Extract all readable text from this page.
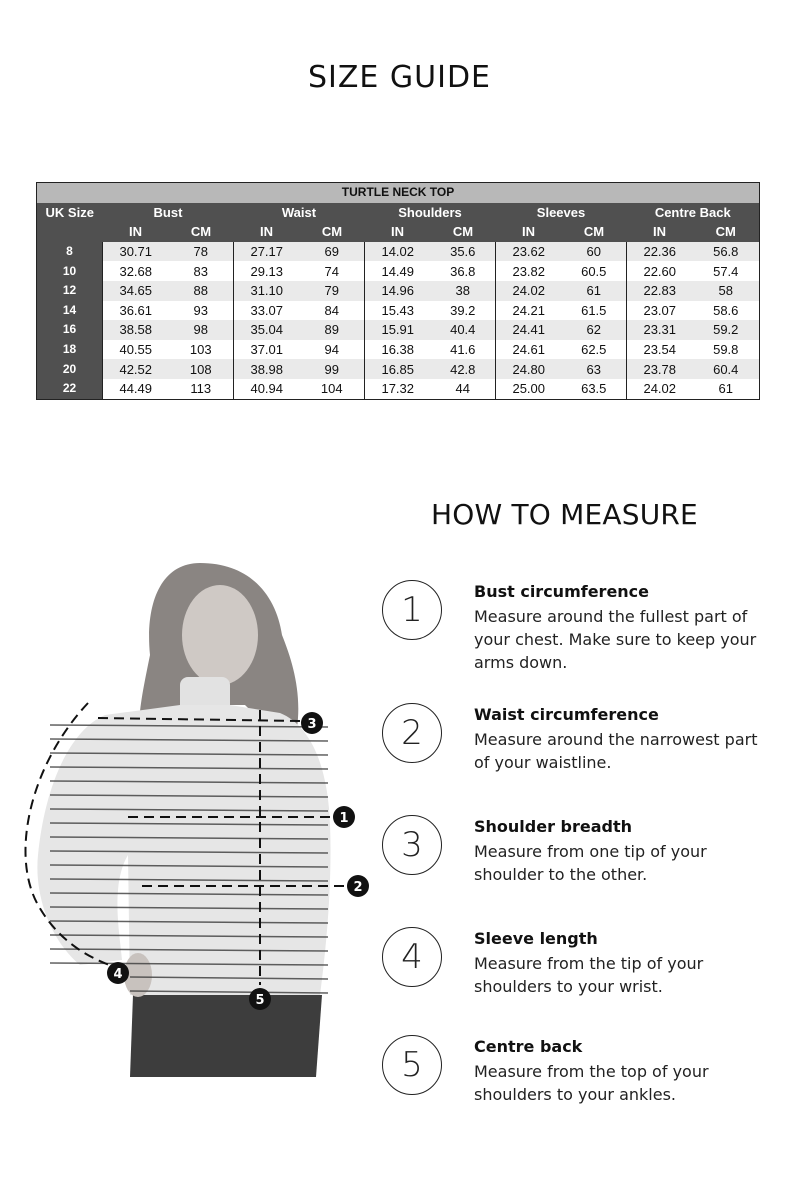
SIZE GUIDE
TURTLE NECK TOP										
UK Size	Bust		Waist		Shoulders		Sleeves		Centre Back	
	IN	CM	IN	CM	IN	CM	IN	CM	IN	CM
8	30.71	78	27.17	69	14.02	35.6	23.62	60	22.36	56.8
10	32.68	83	29.13	74	14.49	36.8	23.82	60.5	22.60	57.4
12	34.65	88	31.10	79	14.96	38	24.02	61	22.83	58
14	36.61	93	33.07	84	15.43	39.2	24.21	61.5	23.07	58.6
16	38.58	98	35.04	89	15.91	40.4	24.41	62	23.31	59.2
18	40.55	103	37.01	94	16.38	41.6	24.61	62.5	23.54	59.8
20	42.52	108	38.98	99	16.85	42.8	24.80	63	23.78	60.4
22	44.49	113	40.94	104	17.32	44	25.00	63.5	24.02	61
HOW TO MEASURE
1
2
3
4
5
1	Bust circumference
Measure around the fullest part of your chest. Make sure to keep your arms down.
2	Waist circumference
Measure around the narrowest part of your waistline.
3	Shoulder breadth
Measure from one tip of your shoulder to the other.
4	Sleeve length
Measure from the tip of your shoulders to your wrist.
5	Centre back
Measure from the top of your shoulders to your ankles.
